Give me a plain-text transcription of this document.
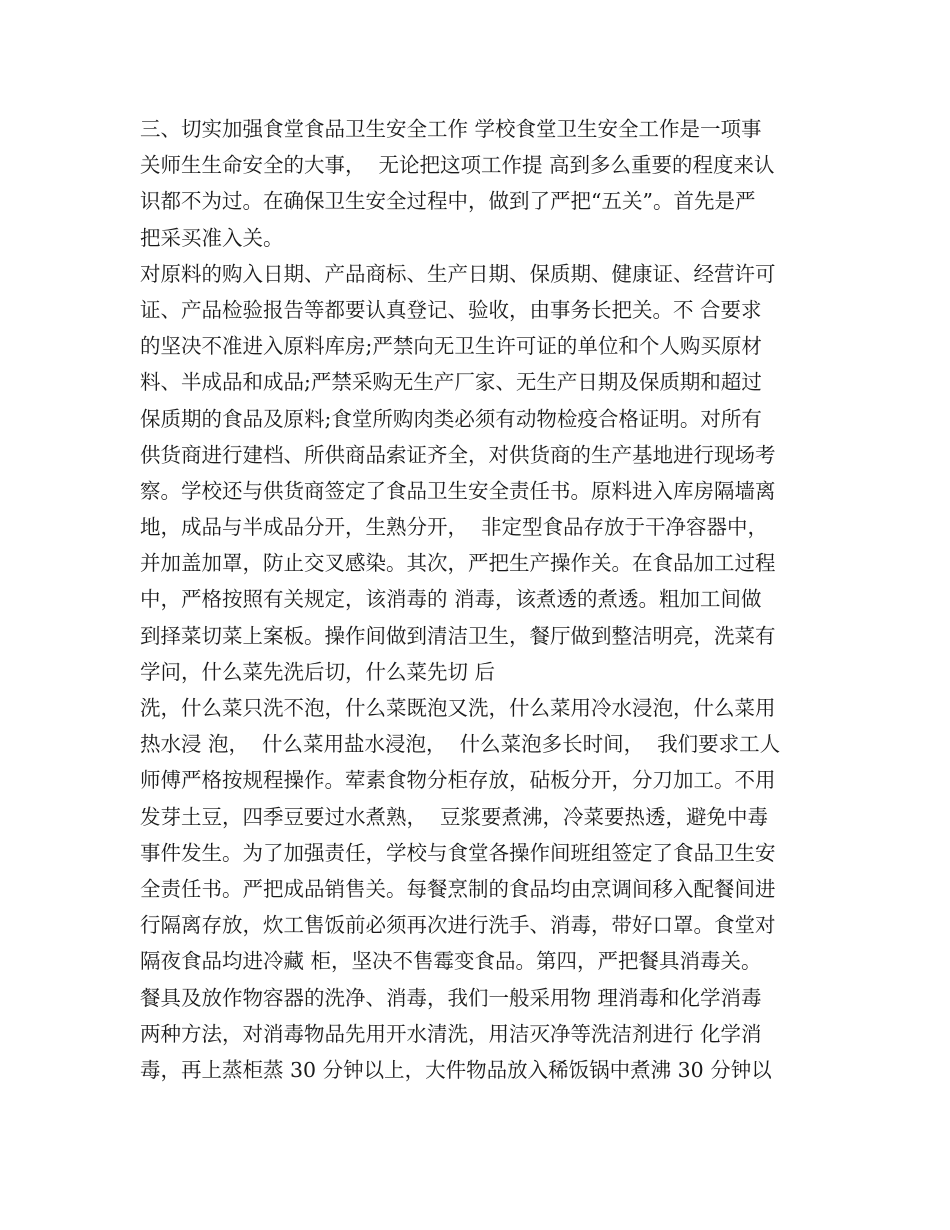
三、切实加强食堂食品卫生安全工作 学校食堂卫生安全工作是一项事
关师生生命安全的大事，  无论把这项工作提 高到多么重要的程度来认
识都不为过。在确保卫生安全过程中，做到了严把“五关”。首先是严
把采买准入关。
对原料的购入日期、产品商标、生产日期、保质期、健康证、经营许可
证、产品检验报告等都要认真登记、验收，由事务长把关。不 合要求
的坚决不准进入原料库房;严禁向无卫生许可证的单位和个人购买原材
料、半成品和成品;严禁采购无生产厂家、无生产日期及保质期和超过
保质期的食品及原料;食堂所购肉类必须有动物检疫合格证明。对所有
供货商进行建档、所供商品索证齐全，对供货商的生产基地进行现场考
察。学校还与供货商签定了食品卫生安全责任书。原料进入库房隔墙离
地，成品与半成品分开，生熟分开，  非定型食品存放于干净容器中，
并加盖加罩，防止交叉感染。其次，严把生产操作关。在食品加工过程
中，严格按照有关规定，该消毒的 消毒，该煮透的煮透。粗加工间做
到择菜切菜上案板。操作间做到清洁卫生，餐厅做到整洁明亮，洗菜有
学问，什么菜先洗后切，什么菜先切 后
洗，什么菜只洗不泡，什么菜既泡又洗，什么菜用冷水浸泡，什么菜用
热水浸 泡，  什么菜用盐水浸泡，  什么菜泡多长时间，  我们要求工人
师傅严格按规程操作。荤素食物分柜存放，砧板分开，分刀加工。不用
发芽土豆，四季豆要过水煮熟，  豆浆要煮沸，冷菜要热透，避免中毒
事件发生。为了加强责任，学校与食堂各操作间班组签定了食品卫生安
全责任书。严把成品销售关。每餐烹制的食品均由烹调间移入配餐间进
行隔离存放，炊工售饭前必须再次进行洗手、消毒，带好口罩。食堂对
隔夜食品均进冷藏 柜，坚决不售霉变食品。第四，严把餐具消毒关。
餐具及放作物容器的洗净、消毒，我们一般采用物 理消毒和化学消毒
两种方法，对消毒物品先用开水清洗，用洁灭净等洗洁剂进行 化学消
毒，再上蒸柜蒸 30 分钟以上，大件物品放入稀饭锅中煮沸 30 分钟以
